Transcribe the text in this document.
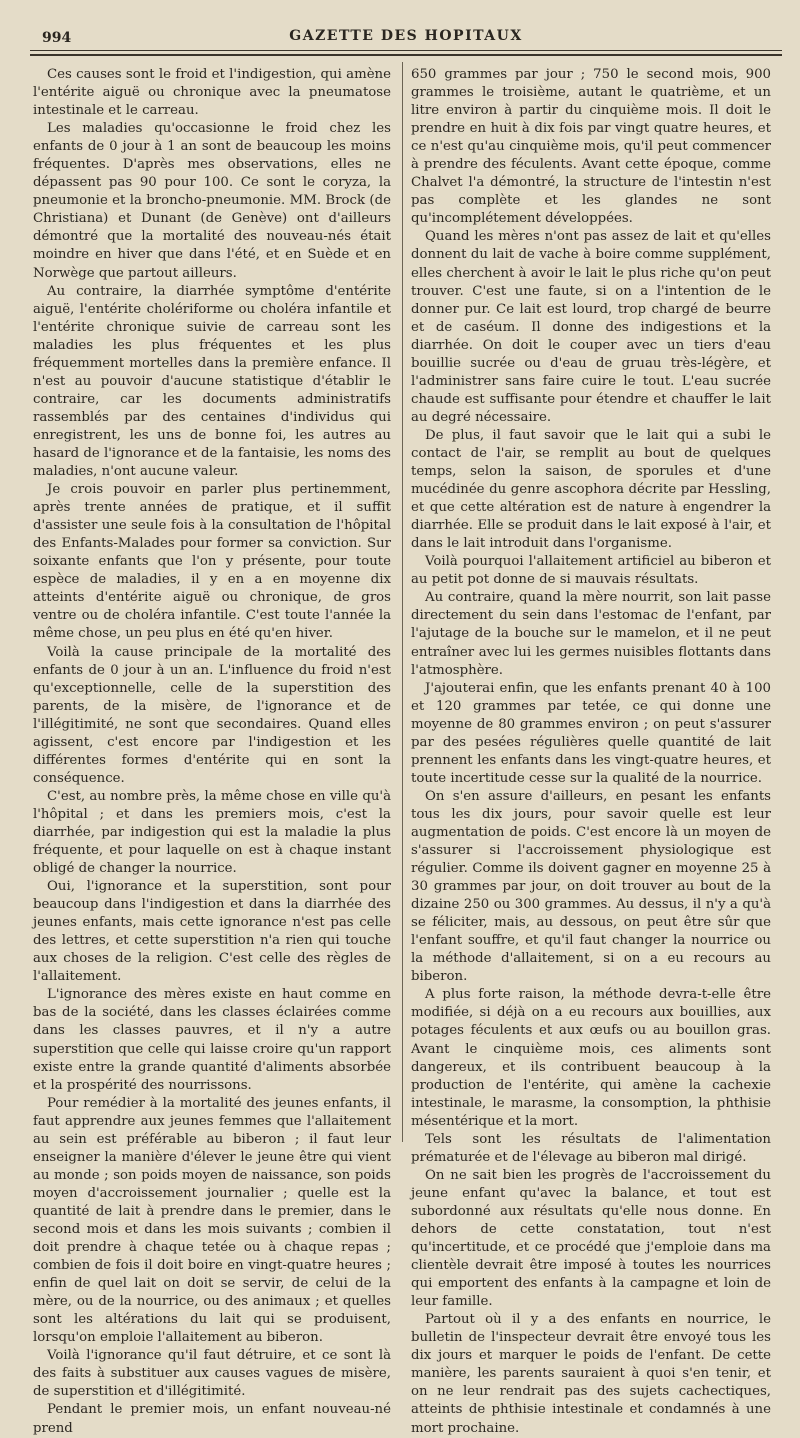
994	GAZETTE DES HOPITAUX

Ces causes sont le froid et l'indigestion, qui amène l'entérite aiguë ou chronique avec la pneumatose intestinale et le carreau.

Les maladies qu'occasionne le froid chez les enfants de 0 jour à 1 an sont de beaucoup les moins fréquentes. D'après mes observations, elles ne dépassent pas 90 pour 100. Ce sont le coryza, la pneumonie et la broncho-pneumonie. MM. Brock (de Christiana) et Dunant (de Genève) ont d'ailleurs démontré que la mortalité des nouveau-nés était moindre en hiver que dans l'été, et en Suède et en Norwège que partout ailleurs.

Au contraire, la diarrhée symptôme d'entérite aiguë, l'entérite cholériforme ou choléra infantile et l'entérite chronique suivie de carreau sont les maladies les plus fréquentes et les plus fréquemment mortelles dans la première enfance. Il n'est au pouvoir d'aucune statistique d'établir le contraire, car les documents administratifs rassemblés par des centaines d'individus qui enregistrent, les uns de bonne foi, les autres au hasard de l'ignorance et de la fantaisie, les noms des maladies, n'ont aucune valeur.

Je crois pouvoir en parler plus pertinemment, après trente années de pratique, et il suffit d'assister une seule fois à la consultation de l'hôpital des Enfants-Malades pour former sa conviction. Sur soixante enfants que l'on y présente, pour toute espèce de maladies, il y en a en moyenne dix atteints d'entérite aiguë ou chronique, de gros ventre ou de choléra infantile. C'est toute l'année la même chose, un peu plus en été qu'en hiver.

Voilà la cause principale de la mortalité des enfants de 0 jour à un an. L'influence du froid n'est qu'exceptionnelle, celle de la superstition des parents, de la misère, de l'ignorance et de l'illégitimité, ne sont que secondaires. Quand elles agissent, c'est encore par l'indigestion et les différentes formes d'entérite qui en sont la conséquence.

C'est, au nombre près, la même chose en ville qu'à l'hôpital ; et dans les premiers mois, c'est la diarrhée, par indigestion qui est la maladie la plus fréquente, et pour laquelle on est à chaque instant obligé de changer la nourrice.

Oui, l'ignorance et la superstition, sont pour beaucoup dans l'indigestion et dans la diarrhée des jeunes enfants, mais cette ignorance n'est pas celle des lettres, et cette superstition n'a rien qui touche aux choses de la religion. C'est celle des règles de l'allaitement.

L'ignorance des mères existe en haut comme en bas de la société, dans les classes éclairées comme dans les classes pauvres, et il n'y a autre superstition que celle qui laisse croire qu'un rapport existe entre la grande quantité d'aliments absorbée et la prospérité des nourrissons.

Pour remédier à la mortalité des jeunes enfants, il faut apprendre aux jeunes femmes que l'allaitement au sein est préférable au biberon ; il faut leur enseigner la manière d'élever le jeune être qui vient au monde ; son poids moyen de naissance, son poids moyen d'accroissement journalier ; quelle est la quantité de lait à prendre dans le premier, dans le second mois et dans les mois suivants ; combien il doit prendre à chaque tetée ou à chaque repas ; combien de fois il doit boire en vingt-quatre heures ; enfin de quel lait on doit se servir, de celui de la mère, ou de la nourrice, ou des animaux ; et quelles sont les altérations du lait qui se produisent, lorsqu'on emploie l'allaitement au biberon.

Voilà l'ignorance qu'il faut détruire, et ce sont là des faits à substituer aux causes vagues de misère, de superstition et d'illégitimité.

Pendant le premier mois, un enfant nouveau-né prend

650 grammes par jour ; 750 le second mois, 900 grammes le troisième, autant le quatrième, et un litre environ à partir du cinquième mois. Il doit le prendre en huit à dix fois par vingt quatre heures, et ce n'est qu'au cinquième mois, qu'il peut commencer à prendre des féculents. Avant cette époque, comme Chalvet l'a démontré, la structure de l'intestin n'est pas complète et les glandes ne sont qu'incomplétement développées.

Quand les mères n'ont pas assez de lait et qu'elles donnent du lait de vache à boire comme supplément, elles cherchent à avoir le lait le plus riche qu'on peut trouver. C'est une faute, si on a l'intention de le donner pur. Ce lait est lourd, trop chargé de beurre et de caséum. Il donne des indigestions et la diarrhée. On doit le couper avec un tiers d'eau bouillie sucrée ou d'eau de gruau très-légère, et l'administrer sans faire cuire le tout. L'eau sucrée chaude est suffisante pour étendre et chauffer le lait au degré nécessaire.

De plus, il faut savoir que le lait qui a subi le contact de l'air, se remplit au bout de quelques temps, selon la saison, de sporules et d'une mucédinée du genre ascophora décrite par Hessling, et que cette altération est de nature à engendrer la diarrhée. Elle se produit dans le lait exposé à l'air, et dans le lait introduit dans l'organisme.

Voilà pourquoi l'allaitement artificiel au biberon et au petit pot donne de si mauvais résultats.

Au contraire, quand la mère nourrit, son lait passe directement du sein dans l'estomac de l'enfant, par l'ajutage de la bouche sur le mamelon, et il ne peut entraîner avec lui les germes nuisibles flottants dans l'atmosphère.

J'ajouterai enfin, que les enfants prenant 40 à 100 et 120 grammes par tetée, ce qui donne une moyenne de 80 grammes environ ; on peut s'assurer par des pesées régulières quelle quantité de lait prennent les enfants dans les vingt-quatre heures, et toute incertitude cesse sur la qualité de la nourrice.

On s'en assure d'ailleurs, en pesant les enfants tous les dix jours, pour savoir quelle est leur augmentation de poids. C'est encore là un moyen de s'assurer si l'accroissement physiologique est régulier. Comme ils doivent gagner en moyenne 25 à 30 grammes par jour, on doit trouver au bout de la dizaine 250 ou 300 grammes. Au dessus, il n'y a qu'à se féliciter, mais, au dessous, on peut être sûr que l'enfant souffre, et qu'il faut changer la nourrice ou la méthode d'allaitement, si on a eu recours au biberon.

A plus forte raison, la méthode devra-t-elle être modifiée, si déjà on a eu recours aux bouillies, aux potages féculents et aux œufs ou au bouillon gras. Avant le cinquième mois, ces aliments sont dangereux, et ils contribuent beaucoup à la production de l'entérite, qui amène la cachexie intestinale, le marasme, la consomption, la phthisie mésentérique et la mort.

Tels sont les résultats de l'alimentation prématurée et de l'élevage au biberon mal dirigé.

On ne sait bien les progrès de l'accroissement du jeune enfant qu'avec la balance, et tout est subordonné aux résultats qu'elle nous donne. En dehors de cette constatation, tout n'est qu'incertitude, et ce procédé que j'emploie dans ma clientèle devrait être imposé à toutes les nourrices qui emportent des enfants à la campagne et loin de leur famille.

Partout où il y a des enfants en nourrice, le bulletin de l'inspecteur devrait être envoyé tous les dix jours et marquer le poids de l'enfant. De cette manière, les parents sauraient à quoi s'en tenir, et on ne leur rendrait pas des sujets cachectiques, atteints de phthisie intestinale et condamnés à une mort prochaine.
